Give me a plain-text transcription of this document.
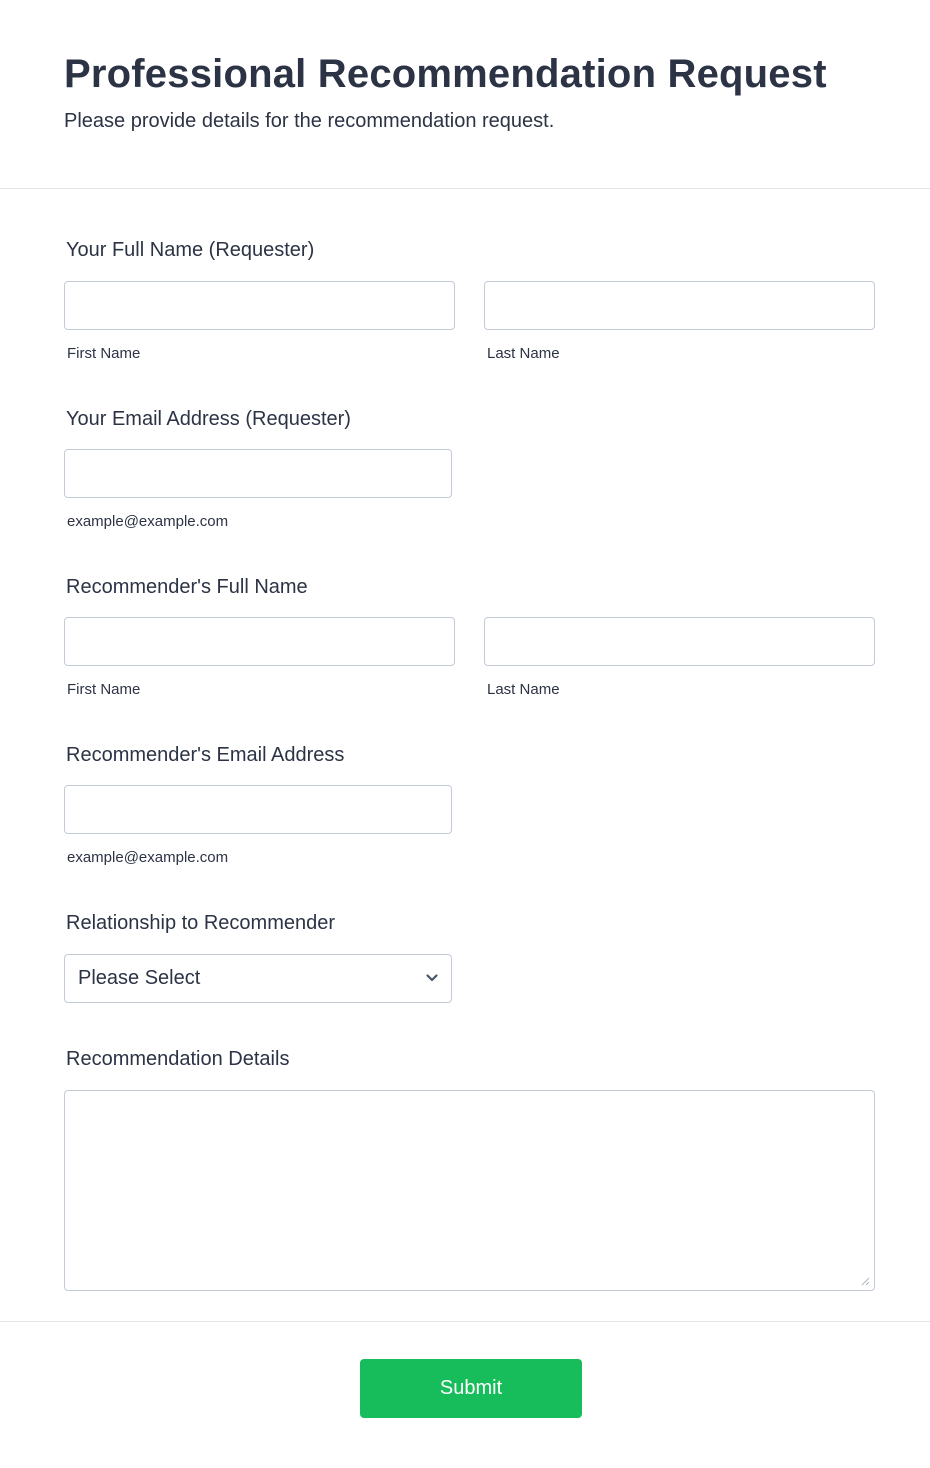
Professional Recommendation Request

Please provide details for the recommendation request.

Your Full Name (Requester)
First Name	Last Name
Your Email Address (Requester)
example@example.com
Recommender's Full Name
First Name	Last Name
Recommender's Email Address
example@example.com
Relationship to Recommender
Please Select
Recommendation Details
Submit
